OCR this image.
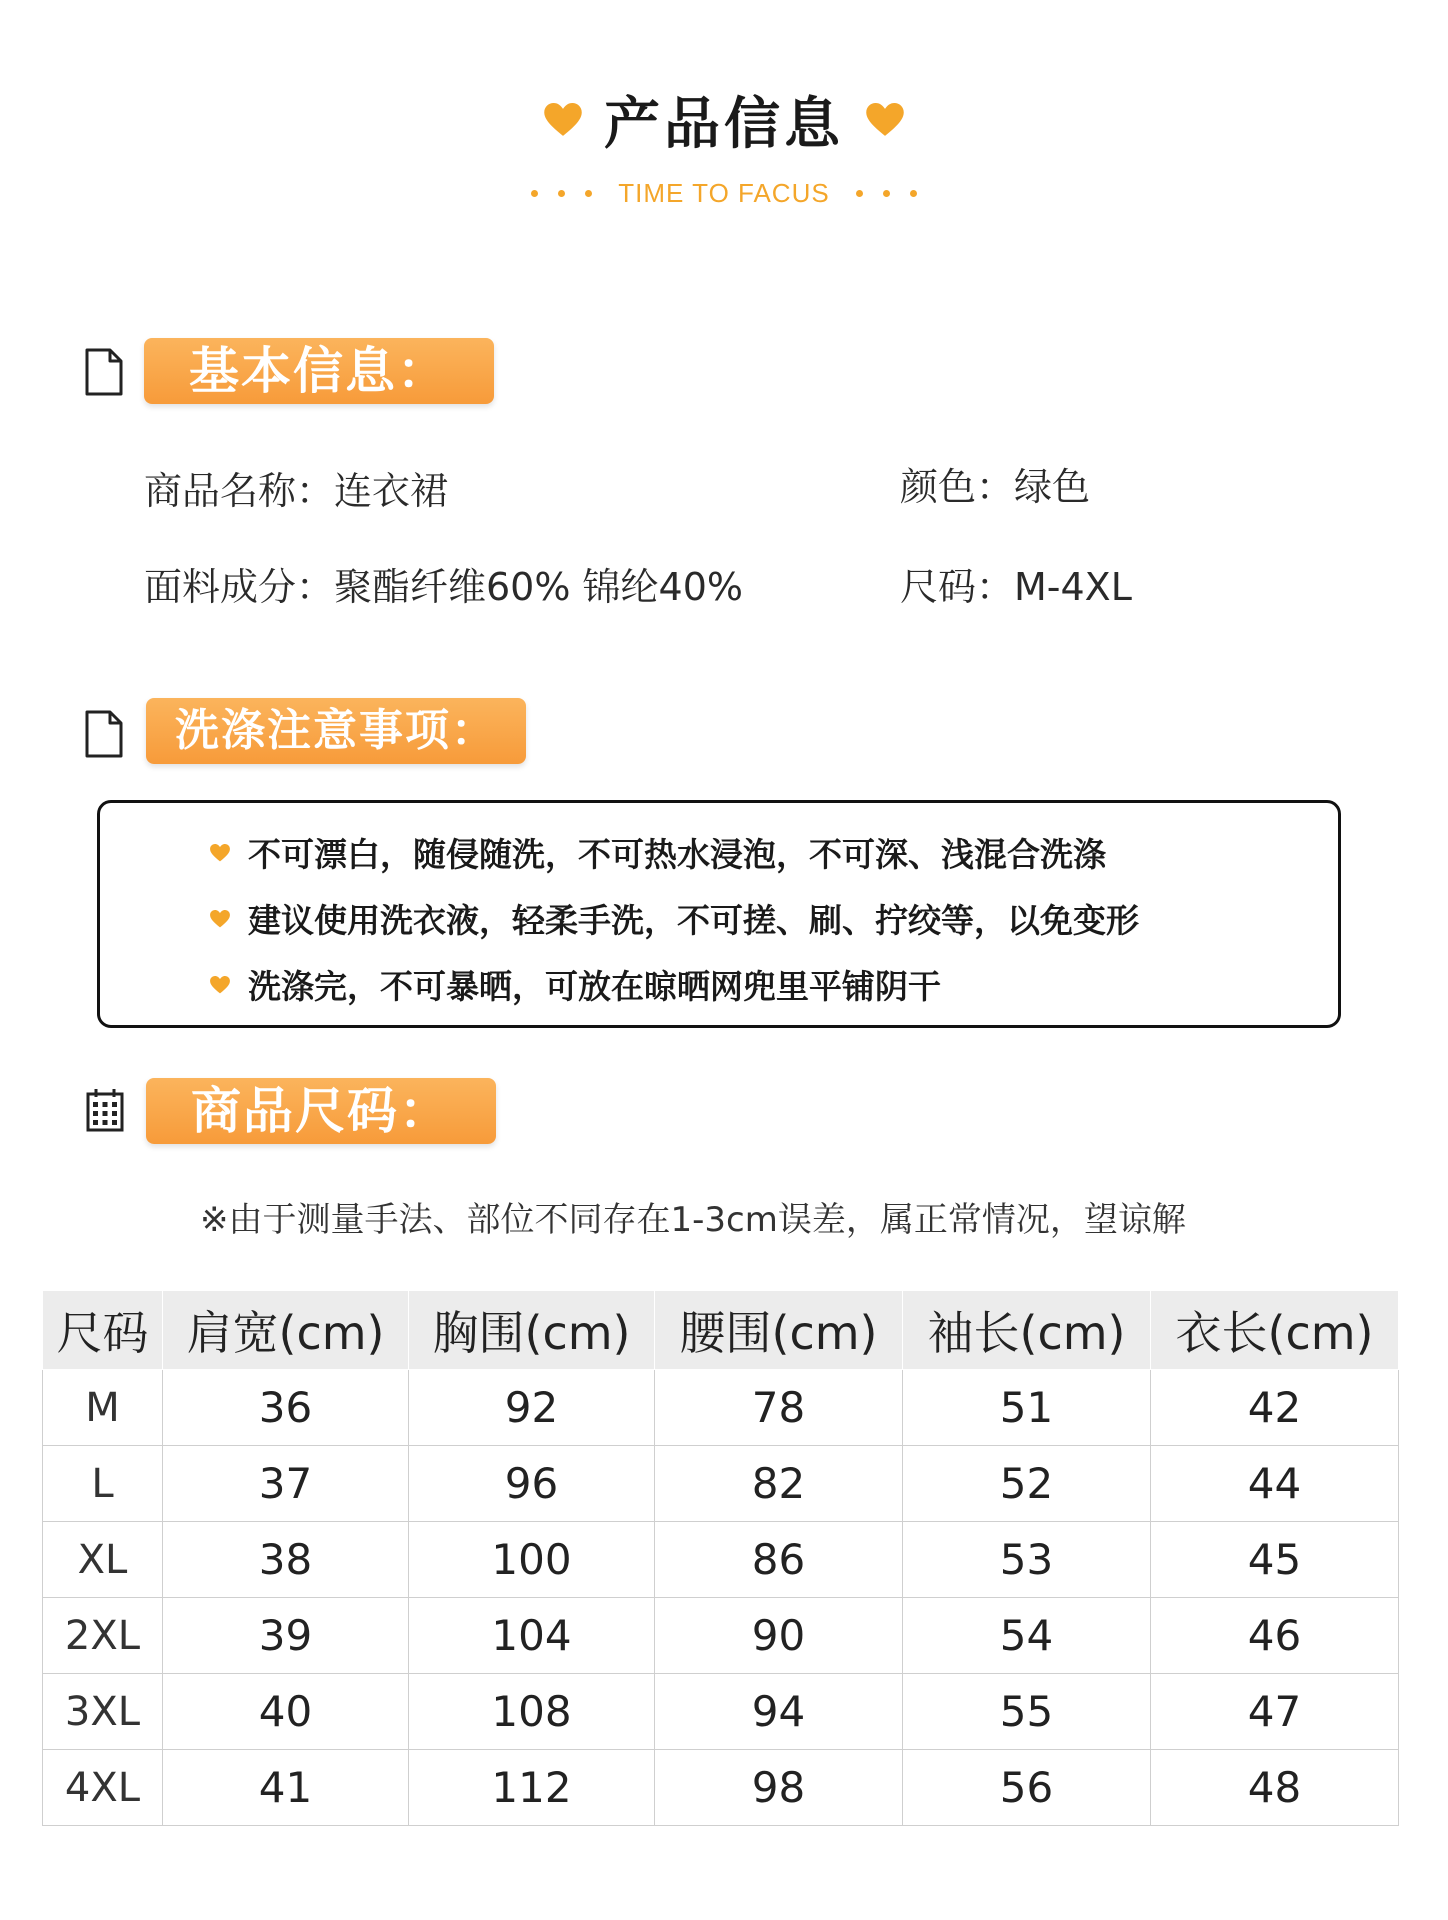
产品信息
TIME TO FACUS
基本信息：
商品名称：连衣裙	颜色：绿色
面料成分：聚酯纤维60% 锦纶40%	尺码：M-4XL
洗涤注意事项：
不可漂白，随侵随洗，不可热水浸泡，不可深、浅混合洗涤
建议使用洗衣液，轻柔手洗，不可搓、刷、拧绞等，以免变形
洗涤完，不可暴晒，可放在晾晒网兜里平铺阴干
商品尺码：
※由于测量手法、部位不同存在1-3cm误差，属正常情况，望谅解
尺码	肩宽(cm)	胸围(cm)	腰围(cm)	袖长(cm)	衣长(cm)
M	36	92	78	51	42
L	37	96	82	52	44
XL	38	100	86	53	45
2XL	39	104	90	54	46
3XL	40	108	94	55	47
4XL	41	112	98	56	48
